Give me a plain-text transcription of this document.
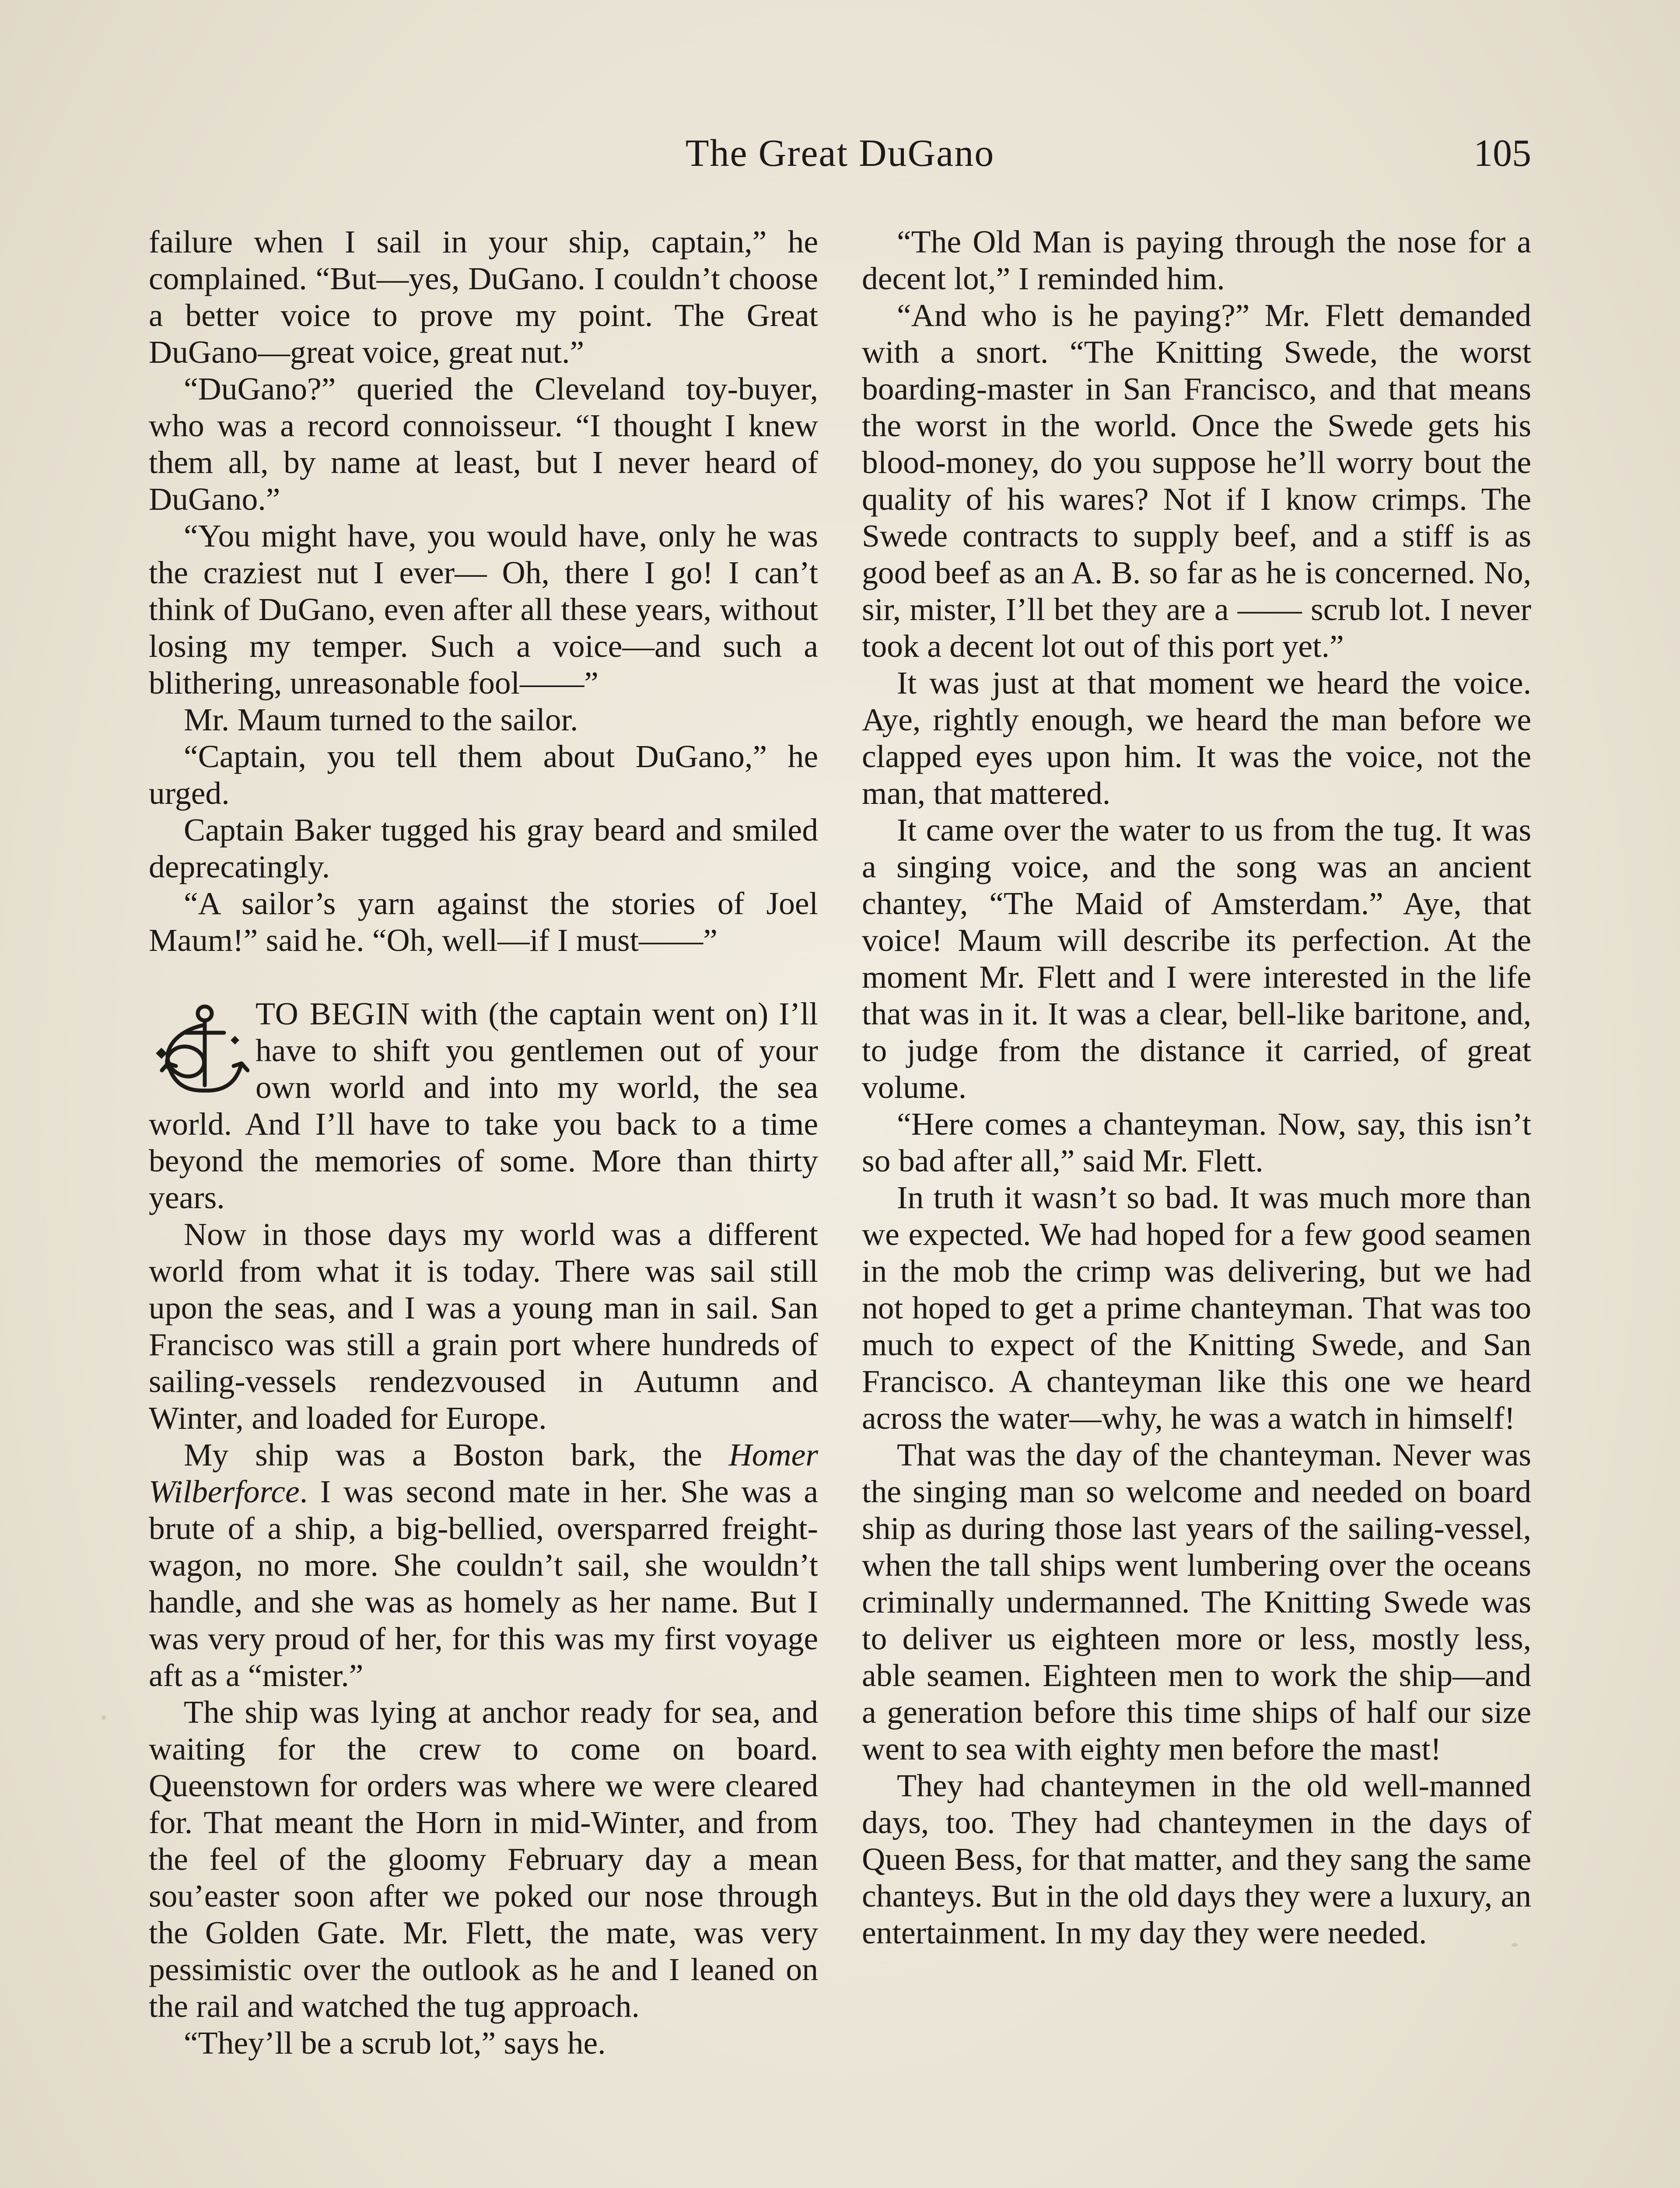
The Great DuGano	105

failure when I sail in your ship, captain,” he complained. “But—yes, DuGano. I couldn’t choose a better voice to prove my point. The Great DuGano—great voice, great nut.”

“DuGano?” queried the Cleveland toy-buyer, who was a record connoisseur. “I thought I knew them all, by name at least, but I never heard of DuGano.”

“You might have, you would have, only he was the craziest nut I ever— Oh, there I go! I can’t think of DuGano, even after all these years, without losing my temper. Such a voice—and such a blithering, unreasonable fool——”

Mr. Maum turned to the sailor.

“Captain, you tell them about DuGano,” he urged.

Captain Baker tugged his gray beard and smiled deprecatingly.

“A sailor’s yarn against the stories of Joel Maum!” said he. “Oh, well—if I must——”

TO BEGIN with (the captain went on) I’ll have to shift you gentlemen out of your own world and into my world, the sea world. And I’ll have to take you back to a time beyond the memories of some. More than thirty years.

Now in those days my world was a different world from what it is today. There was sail still upon the seas, and I was a young man in sail. San Francisco was still a grain port where hundreds of sailing-vessels rendezvoused in Autumn and Winter, and loaded for Europe.

My ship was a Boston bark, the Homer Wilberforce. I was second mate in her. She was a brute of a ship, a big-bellied, oversparred freight-wagon, no more. She couldn’t sail, she wouldn’t handle, and she was as homely as her name. But I was very proud of her, for this was my first voyage aft as a “mister.”

The ship was lying at anchor ready for sea, and waiting for the crew to come on board. Queenstown for orders was where we were cleared for. That meant the Horn in mid-Winter, and from the feel of the gloomy February day a mean sou’easter soon after we poked our nose through the Golden Gate. Mr. Flett, the mate, was very pessimistic over the outlook as he and I leaned on the rail and watched the tug approach.

“They’ll be a scrub lot,” says he.

“The Old Man is paying through the nose for a decent lot,” I reminded him.

“And who is he paying?” Mr. Flett demanded with a snort. “The Knitting Swede, the worst boarding-master in San Francisco, and that means the worst in the world. Once the Swede gets his blood-money, do you suppose he’ll worry bout the quality of his wares? Not if I know crimps. The Swede contracts to supply beef, and a stiff is as good beef as an A. B. so far as he is concerned. No, sir, mister, I’ll bet they are a —— scrub lot. I never took a decent lot out of this port yet.”

It was just at that moment we heard the voice. Aye, rightly enough, we heard the man before we clapped eyes upon him. It was the voice, not the man, that mattered.

It came over the water to us from the tug. It was a singing voice, and the song was an ancient chantey, “The Maid of Amsterdam.” Aye, that voice! Maum will describe its perfection. At the moment Mr. Flett and I were interested in the life that was in it. It was a clear, bell-like baritone, and, to judge from the distance it carried, of great volume.

“Here comes a chanteyman. Now, say, this isn’t so bad after all,” said Mr. Flett.

In truth it wasn’t so bad. It was much more than we expected. We had hoped for a few good seamen in the mob the crimp was delivering, but we had not hoped to get a prime chanteyman. That was too much to expect of the Knitting Swede, and San Francisco. A chanteyman like this one we heard across the water—why, he was a watch in himself!

That was the day of the chanteyman. Never was the singing man so welcome and needed on board ship as during those last years of the sailing-vessel, when the tall ships went lumbering over the oceans criminally undermanned. The Knitting Swede was to deliver us eighteen more or less, mostly less, able seamen. Eighteen men to work the ship—and a generation before this time ships of half our size went to sea with eighty men before the mast!

They had chanteymen in the old well-manned days, too. They had chanteymen in the days of Queen Bess, for that matter, and they sang the same chanteys. But in the old days they were a luxury, an entertainment. In my day they were needed.
